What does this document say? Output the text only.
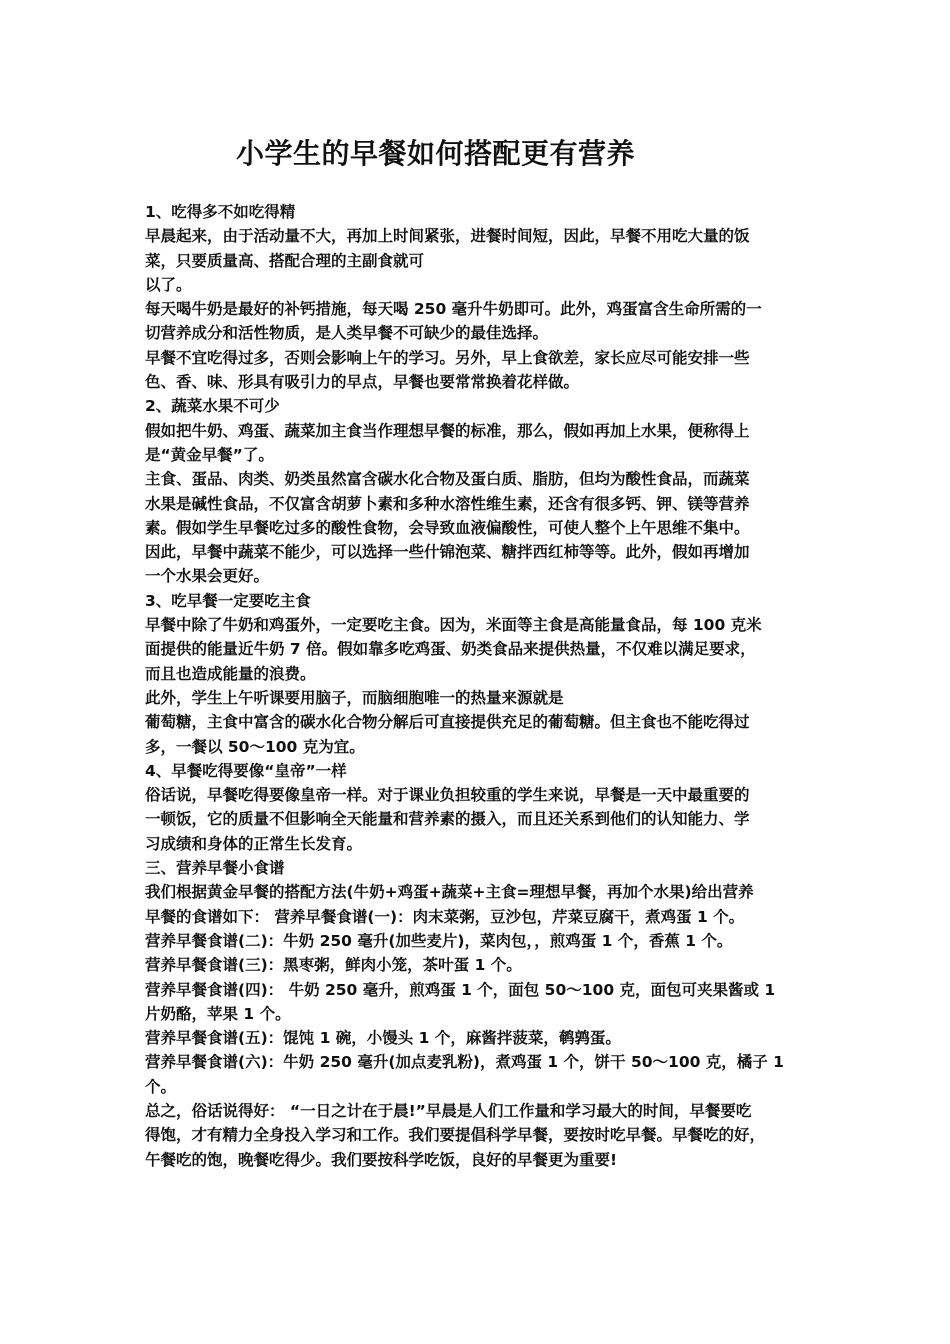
小学生的早餐如何搭配更有营养

1、吃得多不如吃得精

早晨起来，由于活动量不大，再加上时间紧张，进餐时间短，因此，早餐不用吃大量的饭

菜，只要质量高、搭配合理的主副食就可

以了。

每天喝牛奶是最好的补钙措施，每天喝 250 毫升牛奶即可。此外，鸡蛋富含生命所需的一

切营养成分和活性物质，是人类早餐不可缺少的最佳选择。

早餐不宜吃得过多，否则会影响上午的学习。另外，早上食欲差，家长应尽可能安排一些

色、香、味、形具有吸引力的早点，早餐也要常常换着花样做。

2、蔬菜水果不可少

假如把牛奶、鸡蛋、蔬菜加主食当作理想早餐的标准，那么，假如再加上水果，便称得上

是“黄金早餐”了。

主食、蛋品、肉类、奶类虽然富含碳水化合物及蛋白质、脂肪，但均为酸性食品，而蔬菜

水果是碱性食品，不仅富含胡萝卜素和多种水溶性维生素，还含有很多钙、钾、镁等营养

素。假如学生早餐吃过多的酸性食物，会导致血液偏酸性，可使人整个上午思维不集中。

因此，早餐中蔬菜不能少，可以选择一些什锦泡菜、糖拌西红柿等等。此外，假如再增加

一个水果会更好。

3、吃早餐一定要吃主食

早餐中除了牛奶和鸡蛋外，一定要吃主食。因为，米面等主食是高能量食品，每 100 克米

面提供的能量近牛奶 7 倍。假如靠多吃鸡蛋、奶类食品来提供热量，不仅难以满足要求，

而且也造成能量的浪费。

此外，学生上午听课要用脑子，而脑细胞唯一的热量来源就是

葡萄糖，主食中富含的碳水化合物分解后可直接提供充足的葡萄糖。但主食也不能吃得过

多，一餐以 50～100 克为宜。

4、早餐吃得要像“皇帝”一样

俗话说，早餐吃得要像皇帝一样。对于课业负担较重的学生来说，早餐是一天中最重要的

一顿饭，它的质量不但影响全天能量和营养素的摄入，而且还关系到他们的认知能力、学

习成绩和身体的正常生长发育。

三、营养早餐小食谱

我们根据黄金早餐的搭配方法(牛奶+鸡蛋+蔬菜+主食=理想早餐，再加个水果)给出营养

早餐的食谱如下： 营养早餐食谱(一)：肉末菜粥，豆沙包，芹菜豆腐干，煮鸡蛋 1 个。

营养早餐食谱(二)：牛奶 250 毫升(加些麦片)，菜肉包，，煎鸡蛋 1 个，香蕉 1 个。

营养早餐食谱(三)：黑枣粥，鲜肉小笼，茶叶蛋 1 个。

营养早餐食谱(四)： 牛奶 250 毫升，煎鸡蛋 1 个，面包 50～100 克，面包可夹果酱或 1

片奶酪，苹果 1 个。

营养早餐食谱(五)：馄饨 1 碗，小馒头 1 个，麻酱拌菠菜，鹌鹑蛋。

营养早餐食谱(六)：牛奶 250 毫升(加点麦乳粉)，煮鸡蛋 1 个，饼干 50～100 克，橘子 1

个。

总之，俗话说得好： “一日之计在于晨!”早晨是人们工作量和学习最大的时间，早餐要吃

得饱，才有精力全身投入学习和工作。我们要提倡科学早餐，要按时吃早餐。早餐吃的好，

午餐吃的饱，晚餐吃得少。我们要按科学吃饭，良好的早餐更为重要!
